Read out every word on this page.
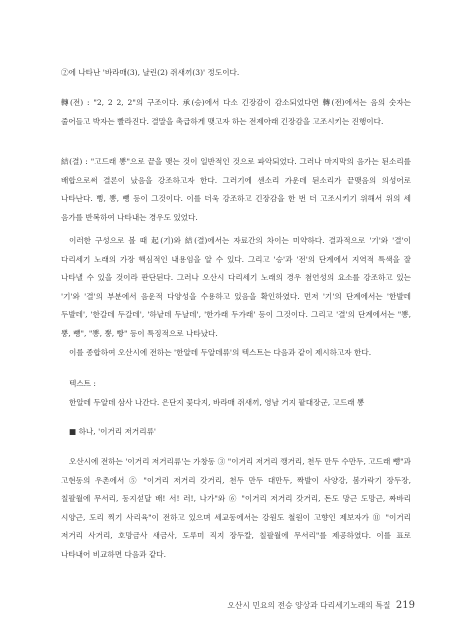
②에 나타난 '바라매(3), 날린(2) 쥐새끼(3)' 정도이다.

轉(전) : "2, 2 2, 2"의 구조이다. 承(승)에서 다소 긴장감이 감소되었다면 轉(전)에서는 음의 숫자는 줄어들고 박자는 빨라진다. 결말을 촉급하게 맺고자 하는 전제아래 긴장감을 고조시키는 진행이다.

結(결) : "고드래 뽕"으로 끝을 맺는 것이 일반적인 것으로 파악되었다. 그러나 마지막의 음가는 된소리를 배합으로써 결론이 났음을 강조하고자 한다. 그러기에 센소리 가운데 된소리가 끝맺음의 의성어로 나타난다. 뻥, 뽕, 뺑 등이 그것이다. 이를 더욱 강조하고 긴장감을 한 번 더 고조시키기 위해서 위의 세 음가를 반복하여 나타내는 경우도 있었다.

이러한 구성으로 볼 때 起(기)와 結(결)에서는 자료간의 차이는 미약하다. 결과적으로 '기'와 '결'이 다리세기 노래의 가장 핵심적인 내용임을 알 수 있다. 그리고 '승'과 '전'의 단계에서 지역적 특색을 잘 나타낼 수 있을 것이라 판단된다. 그러나 오산시 다리세기 노래의 경우 첨언성의 요소를 강조하고 있는 '기'와 '결'의 부분에서 음운적 다양성을 수용하고 있음을 확인하였다. 먼저 '기'의 단계에서는 '한발데 두발데', '한갈데 두갈데', '하낱데 두날데', '한가래 두가래' 등이 그것이다. 그리고 '결'의 단계에서는 "뽕, 뿡, 뺑", "뽕, 뿡, 빵" 등이 특징적으로 나타났다.

이를 종합하여 오산시에 전하는 '한알데 두알데류'의 텍스트는 다음과 같이 제시하고자 한다.

텍스트 :

한알데 두알데 삼사 나간다. 은단지 꽃다지, 바라매 쥐새끼, 영남 거지 팥대장군, 고드래 뽕

■ 하나, '이거리 저거리류'

오산시에 전하는 '이거리 저거리류'는 가창동 ③ "이거리 저거리 깽거리, 천두 만두 수만두, 고드래 뺑"과 고현동의 우촌에서 ⑤ "이거리 저거리 갓거리, 천두 만두 대만두, 짝발이 사양강, 봄가락기 장두장, 칠팔월에 무서리, 동지섣달 배! 서! 러!, 나가"와 ⑥ "이거리 저거리 갓거리, 돈도 망근 도망근, 짜바리 시양근, 도리 찍기 사리육"이 전하고 있으며 세교동에서는 강원도 철원이 고향인 제보자가 ⑪ "이거리 저거리 사거리, 호망금사 새금사, 도루미 직지 장두칼, 칠팔월에 무서리"를 제공하였다. 이를 표로 나타내어 비교하면 다음과 같다.

오산시 민요의 전승 양상과 다리세기노래의 특질 219
